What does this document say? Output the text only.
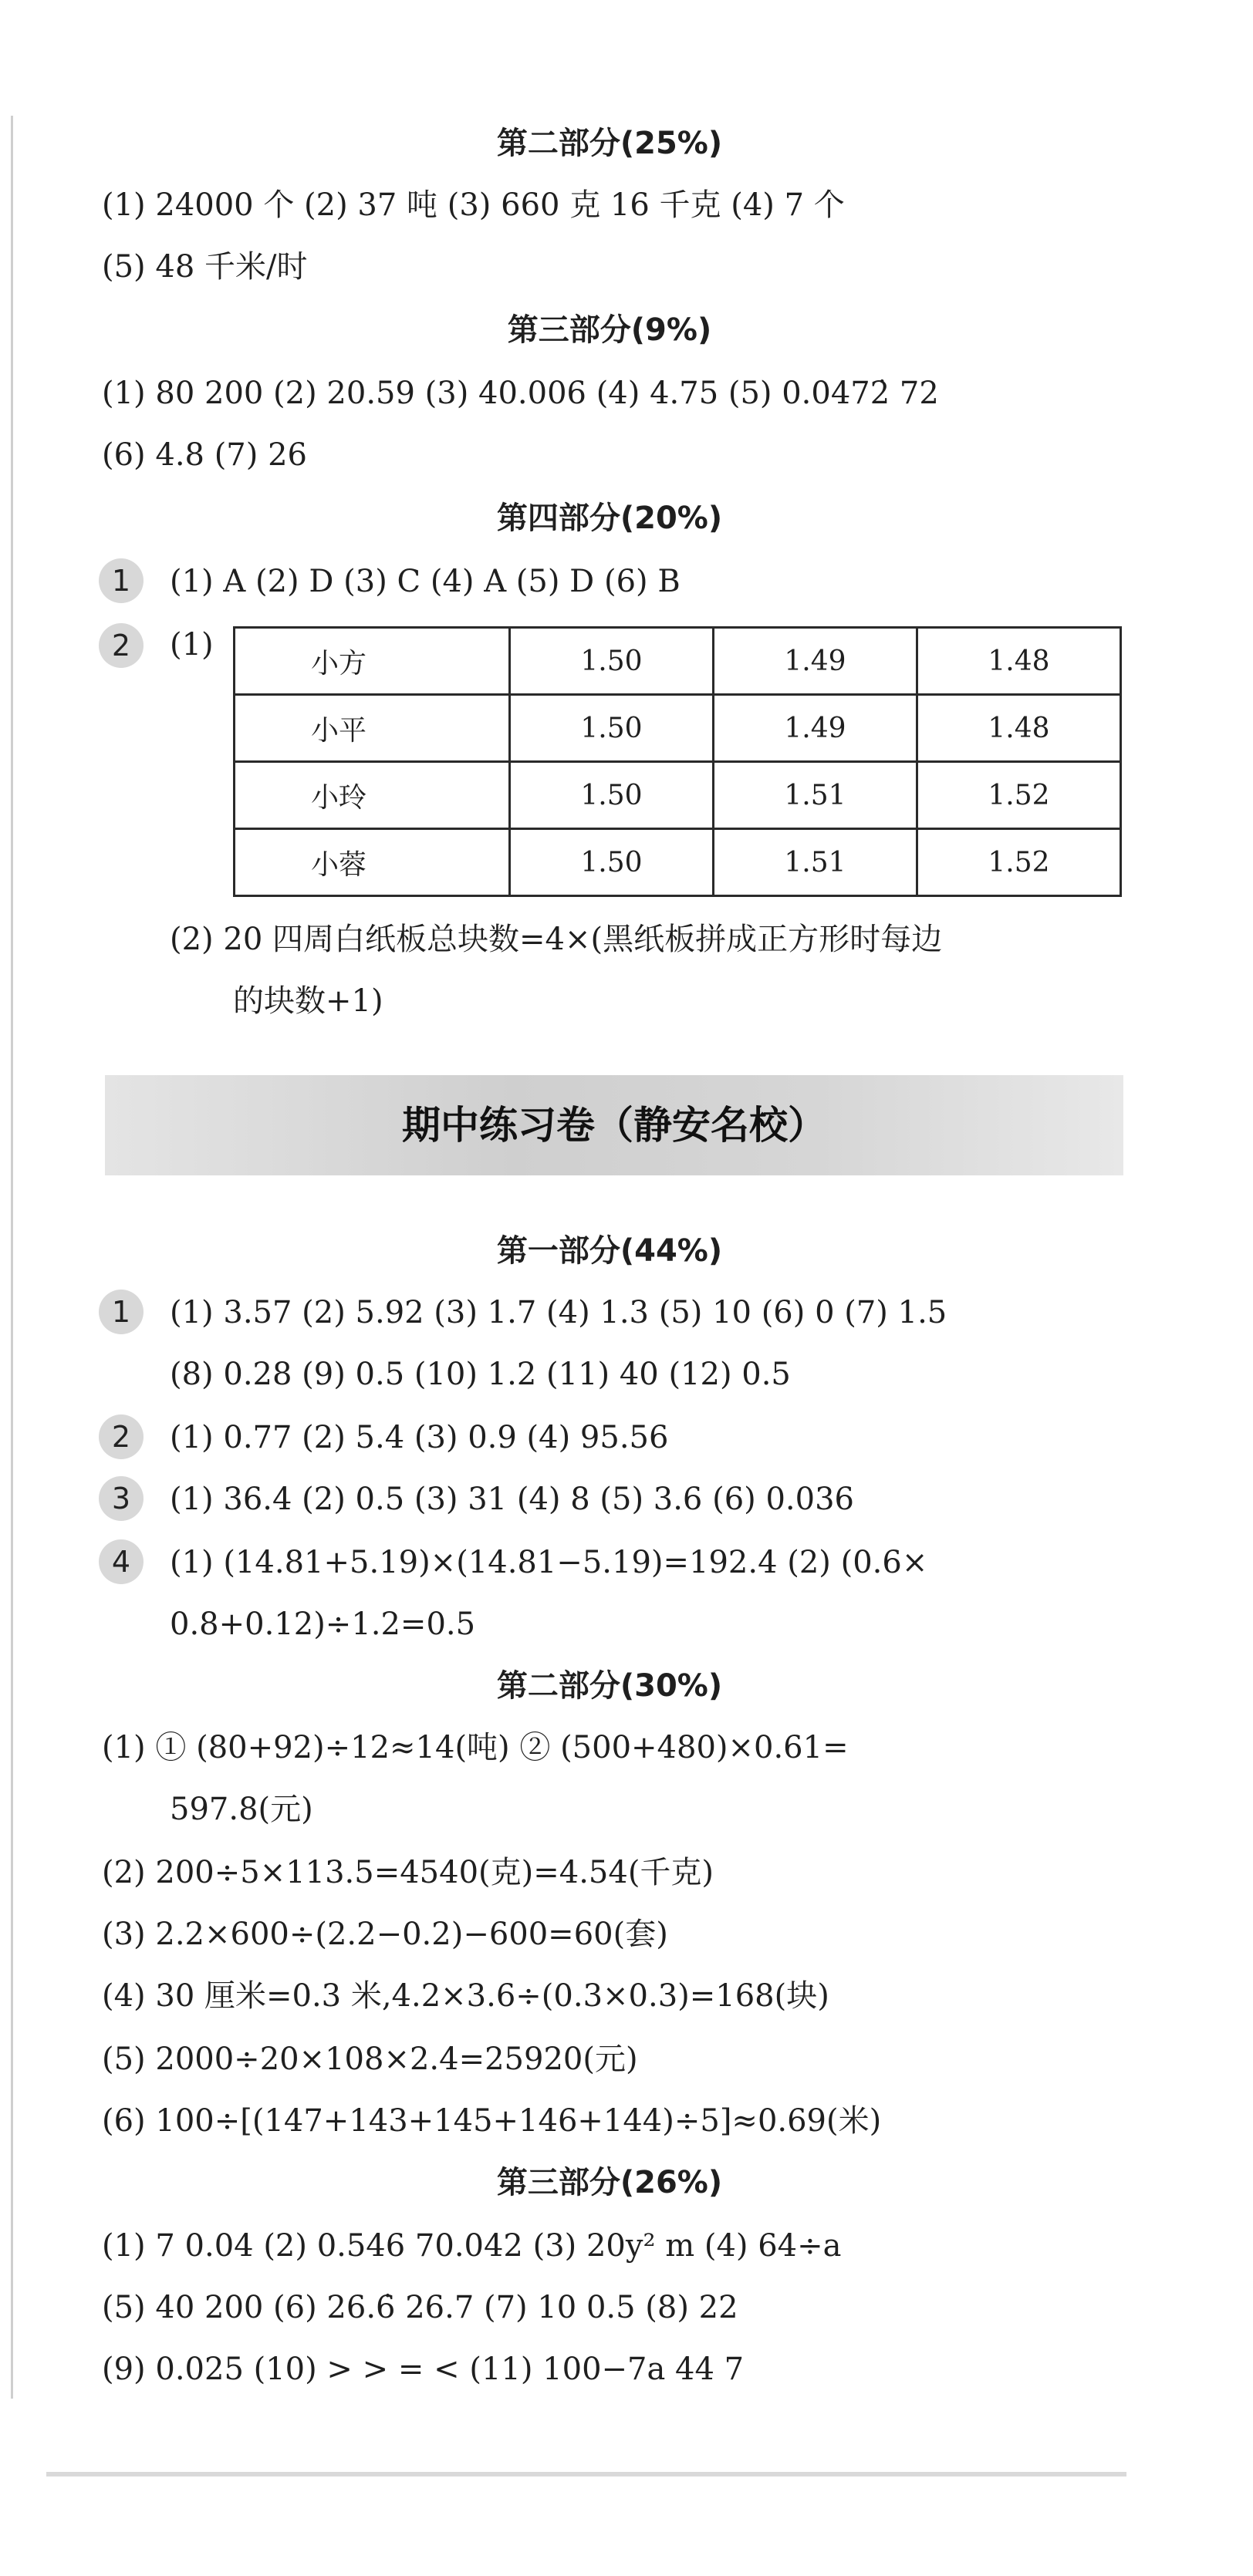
第二部分(25%)
(1) 24000 个 (2) 37 吨 (3) 660 克 16 千克 (4) 7 个
(5) 48 千米/时
第三部分(9%)
(1) 80 200 (2) 20.59 (3) 40.006 (4) 4.75 (5) 0.0472̇ 72
(6) 4.8 (7) 26
第四部分(20%)
1	(1) A (2) D (3) C (4) A (5) D (6) B
2	(1)
小方	1.50	1.49	1.48
小平	1.50	1.49	1.48
小玲	1.50	1.51	1.52
小蓉	1.50	1.51	1.52
(2) 20 四周白纸板总块数=4×(黑纸板拼成正方形时每边
的块数+1)
期中练习卷（静安名校）
第一部分(44%)
1	(1) 3.57 (2) 5.92 (3) 1.7 (4) 1.3 (5) 10 (6) 0 (7) 1.5
(8) 0.28 (9) 0.5 (10) 1.2 (11) 40 (12) 0.5
2	(1) 0.77 (2) 5.4 (3) 0.9 (4) 95.56
3	(1) 36.4 (2) 0.5 (3) 31 (4) 8 (5) 3.6 (6) 0.036
4	(1) (14.81+5.19)×(14.81−5.19)=192.4 (2) (0.6×
0.8+0.12)÷1.2=0.5
第二部分(30%)
(1) ① (80+92)÷12≈14(吨) ② (500+480)×0.61=
597.8(元)
(2) 200÷5×113.5=4540(克)=4.54(千克)
(3) 2.2×600÷(2.2−0.2)−600=60(套)
(4) 30 厘米=0.3 米,4.2×3.6÷(0.3×0.3)=168(块)
(5) 2000÷20×108×2.4=25920(元)
(6) 100÷[(147+143+145+146+144)÷5]≈0.69(米)
第三部分(26%)
(1) 7 0.04 (2) 0.546 70.042 (3) 20y² m (4) 64÷a
(5) 40 200 (6) 26.6̇ 26.7 (7) 10 0.5 (8) 22
(9) 0.025 (10) > > = < (11) 100−7a 44 7
